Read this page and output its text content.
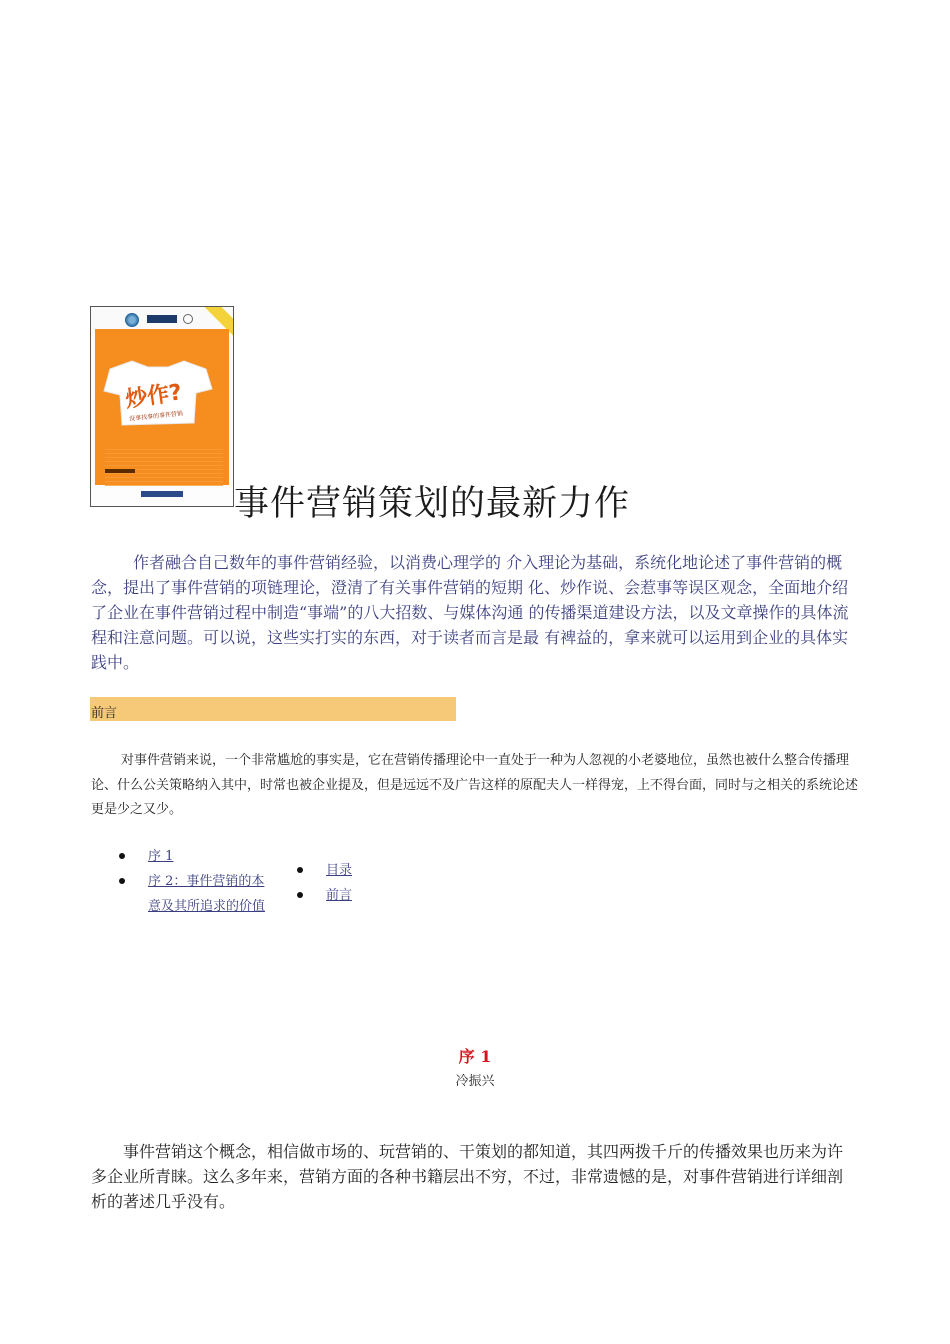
炒作?
没事找事的事件营销
事件营销策划的最新力作

作者融合自己数年的事件营销经验，以消费心理学的 介入理论为基础，系统化地论述了事件营销的概念，提出了事件营销的项链理论，澄清了有关事件营销的短期 化、炒作说、会惹事等误区观念，全面地介绍了企业在事件营销过程中制造“事端”的八大招数、与媒体沟通 的传播渠道建设方法，以及文章操作的具体流程和注意问题。可以说，这些实打实的东西，对于读者而言是最 有裨益的，拿来就可以运用到企业的具体实践中。

前言

对事件营销来说，一个非常尴尬的事实是，它在营销传播理论中一直处于一种为人忽视的小老婆地位，虽然也被什么整合传播理论、什么公关策略纳入其中，时常也被企业提及，但是远远不及广告这样的原配夫人一样得宠，上不得台面，同时与之相关的系统论述更是少之又少。

序 1
序 2：事件营销的本意及其所追求的价值
目录
前言
序 1
冷振兴

事件营销这个概念，相信做市场的、玩营销的、干策划的都知道，其四两拨千斤的传播效果也历来为许多企业所青睐。这么多年来，营销方面的各种书籍层出不穷，不过，非常遗憾的是，对事件营销进行详细剖析的著述几乎没有。
